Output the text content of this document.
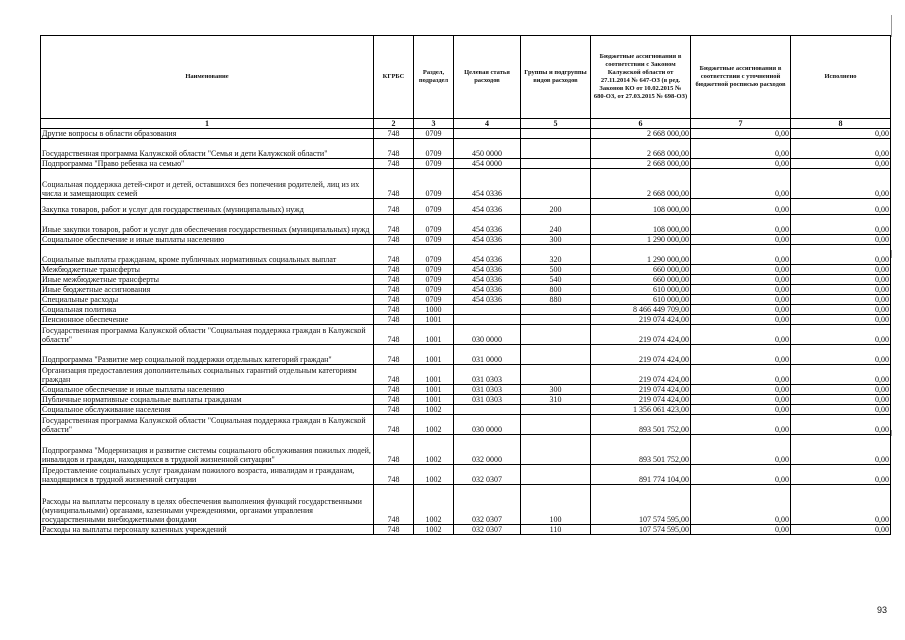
Наименование	КГРБС	Раздел, подраздел	Целевая статья расходов	Группы и подгруппы видов расходов	Бюджетные ассигнования в соответствии с Законом Калужской области от 27.11.2014 № 647-ОЗ (в ред. Законов КО от 10.02.2015 № 680-ОЗ, от 27.03.2015 № 698-ОЗ)	Бюджетные ассигнования в соответствии с уточненной бюджетной росписью расходов	Исполнено
1	2	3	4	5	6	7	8
Другие вопросы в области образования	748	0709			2 668 000,00	0,00	0,00
Государственная программа Калужской области "Семья и дети Калужской области"	748	0709	450 0000		2 668 000,00	0,00	0,00
Подпрограмма "Право ребенка на семью"	748	0709	454 0000		2 668 000,00	0,00	0,00
Социальная поддержка детей-сирот и детей, оставшихся без попечения родителей, лиц из их числа и замещающих семей	748	0709	454 0336		2 668 000,00	0,00	0,00
Закупка товаров, работ и услуг для государственных (муниципальных) нужд	748	0709	454 0336	200	108 000,00	0,00	0,00
Иные закупки товаров, работ и услуг для обеспечения государственных (муниципальных) нужд	748	0709	454 0336	240	108 000,00	0,00	0,00
Социальное обеспечение и иные выплаты населению	748	0709	454 0336	300	1 290 000,00	0,00	0,00
Социальные выплаты гражданам, кроме публичных нормативных социальных выплат	748	0709	454 0336	320	1 290 000,00	0,00	0,00
Межбюджетные трансферты	748	0709	454 0336	500	660 000,00	0,00	0,00
Иные межбюджетные трансферты	748	0709	454 0336	540	660 000,00	0,00	0,00
Иные бюджетные ассигнования	748	0709	454 0336	800	610 000,00	0,00	0,00
Специальные расходы	748	0709	454 0336	880	610 000,00	0,00	0,00
Социальная политика	748	1000			8 466 449 709,00	0,00	0,00
Пенсионное обеспечение	748	1001			219 074 424,00	0,00	0,00
Государственная программа Калужской области "Социальная поддержка граждан в Калужской области"	748	1001	030 0000		219 074 424,00	0,00	0,00
Подпрограмма "Развитие мер социальной поддержки отдельных категорий граждан"	748	1001	031 0000		219 074 424,00	0,00	0,00
Организация предоставления дополнительных социальных гарантий отдельным категориям граждан	748	1001	031 0303		219 074 424,00	0,00	0,00
Социальное обеспечение и иные выплаты населению	748	1001	031 0303	300	219 074 424,00	0,00	0,00
Публичные нормативные социальные выплаты гражданам	748	1001	031 0303	310	219 074 424,00	0,00	0,00
Социальное обслуживание населения	748	1002			1 356 061 423,00	0,00	0,00
Государственная программа Калужской области "Социальная поддержка граждан в Калужской области"	748	1002	030 0000		893 501 752,00	0,00	0,00
Подпрограмма "Модернизация и развитие системы социального обслуживания пожилых людей, инвалидов и граждан, находящихся в трудной жизненной ситуации"	748	1002	032 0000		893 501 752,00	0,00	0,00
Предоставление социальных услуг гражданам пожилого возраста, инвалидам и гражданам, находящимся в трудной жизненной ситуации	748	1002	032 0307		891 774 104,00	0,00	0,00
Расходы на выплаты персоналу в целях обеспечения выполнения функций государственными (муниципальными) органами, казенными учреждениями, органами управления государственными внебюджетными фондами	748	1002	032 0307	100	107 574 595,00	0,00	0,00
Расходы на выплаты персоналу казенных учреждений	748	1002	032 0307	110	107 574 595,00	0,00	0,00
93
